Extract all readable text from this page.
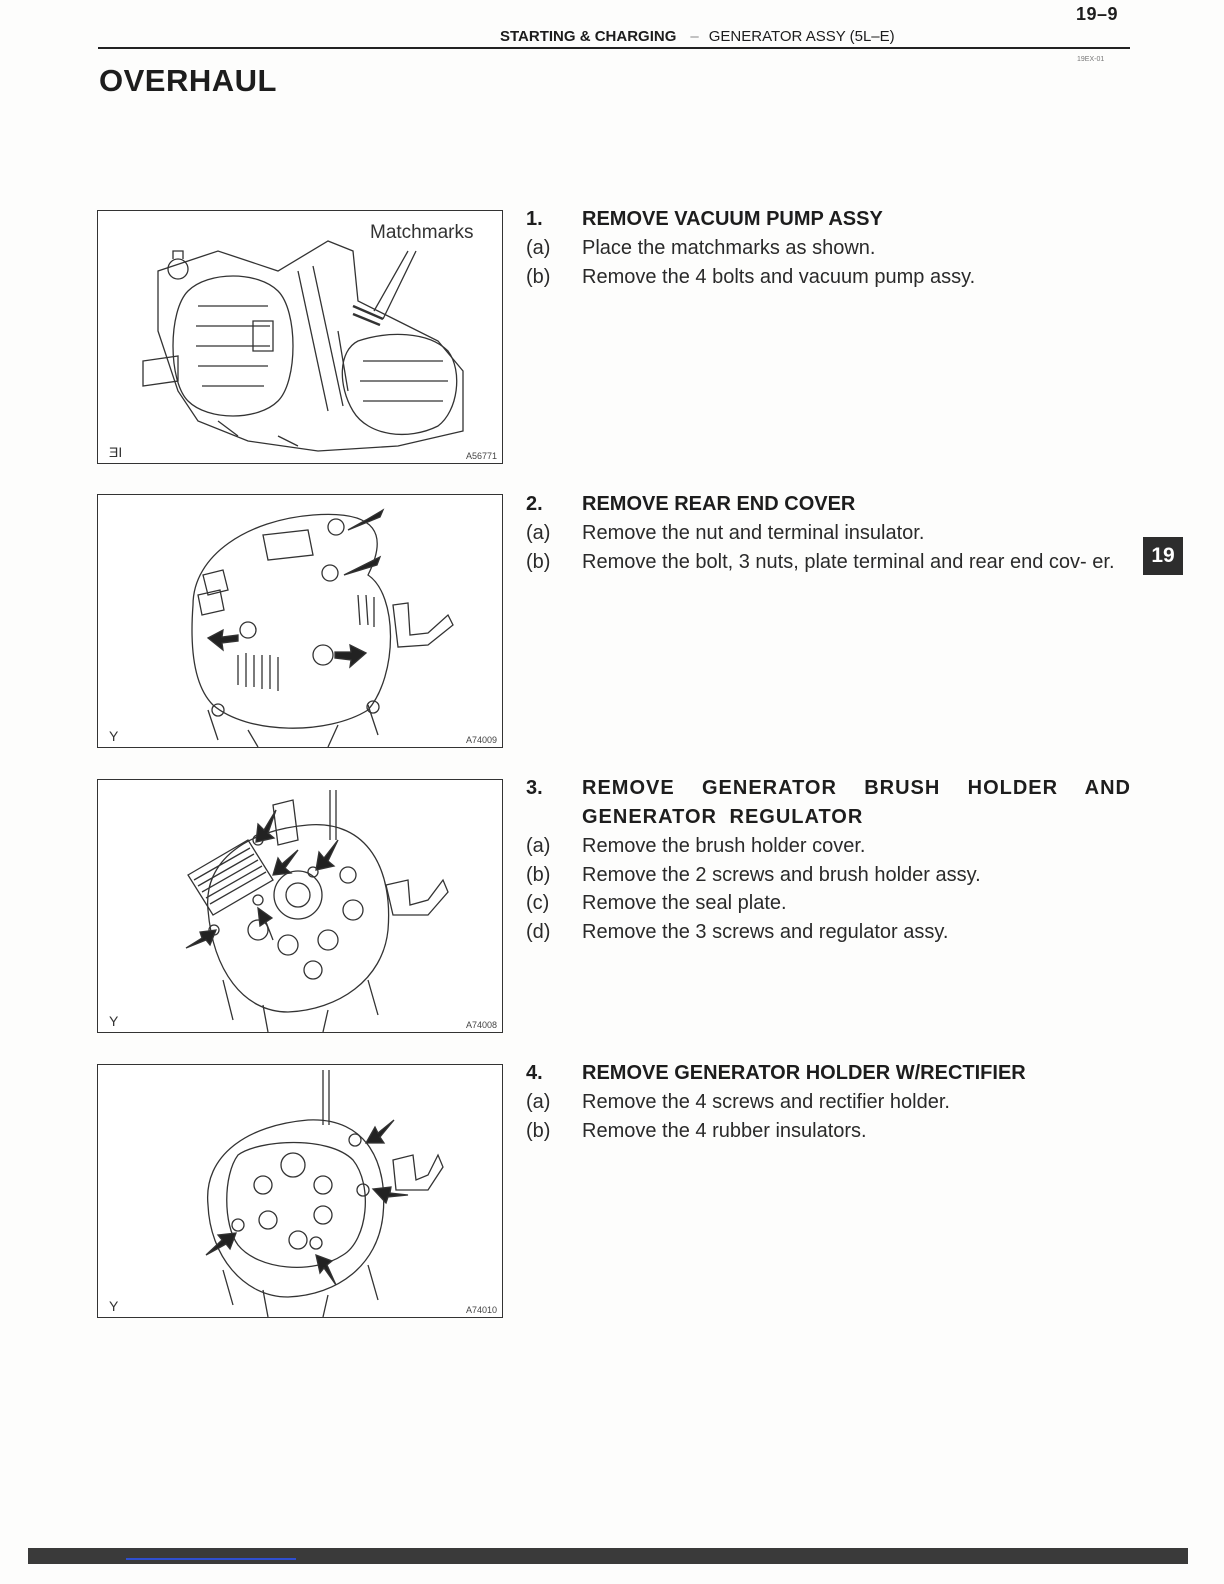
19–9
STARTING & CHARGING – GENERATOR ASSY (5L–E)
19EX-01
OVERHAUL
19
Matchmarks
ƎI	A56771
Y	A74009
Y	A74008
Y	A74010
1.	REMOVE VACUUM PUMP ASSY
(a)	Place the matchmarks as shown.
(b)	Remove the 4 bolts and vacuum pump assy.
2.	REMOVE REAR END COVER
(a)	Remove the nut and terminal insulator.
(b)	Remove the bolt, 3 nuts, plate terminal and rear end cov- er.
3.	REMOVE GENERATOR BRUSH HOLDER AND GENERATOR REGULATOR
(a)	Remove the brush holder cover.
(b)	Remove the 2 screws and brush holder assy.
(c)	Remove the seal plate.
(d)	Remove the 3 screws and regulator assy.
4.	REMOVE GENERATOR HOLDER W/RECTIFIER
(a)	Remove the 4 screws and rectifier holder.
(b)	Remove the 4 rubber insulators.
